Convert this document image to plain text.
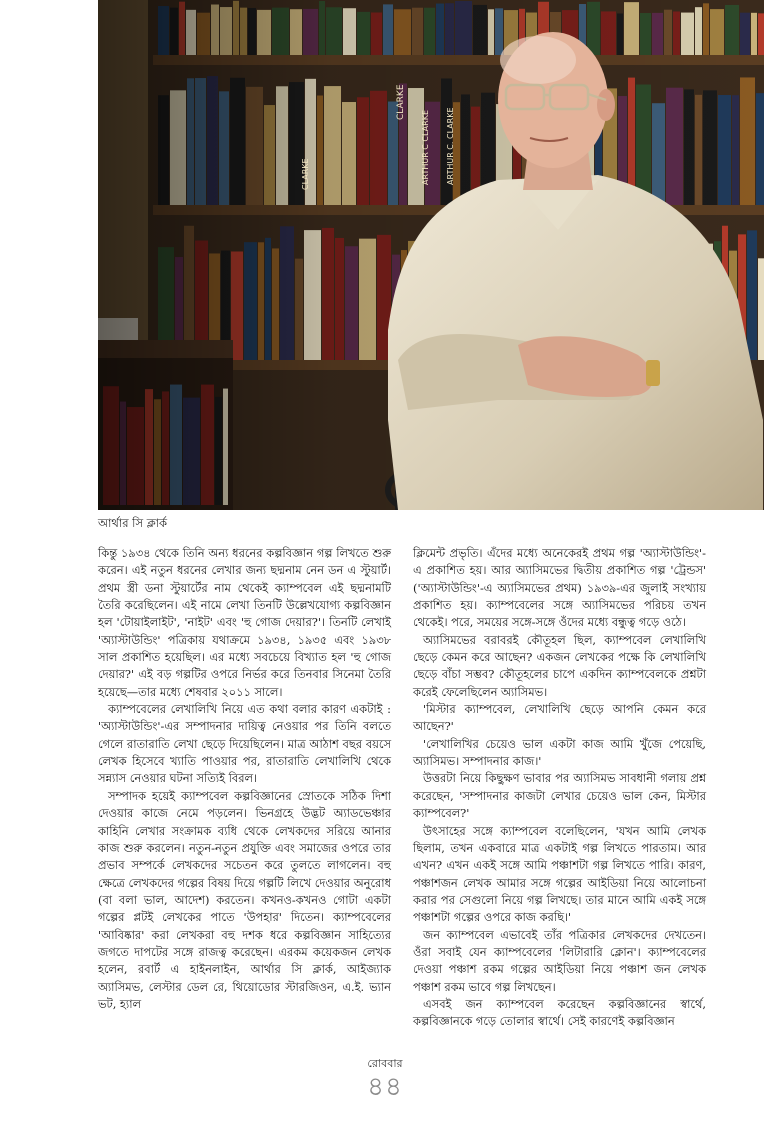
CLARKE
ARTHUR C CLARKE
CLARKE	ARTHUR C. CLARKE
আর্থার সি ক্লার্ক

কিন্তু ১৯৩৪ থেকে তিনি অন্য ধরনের কল্পবিজ্ঞান গল্প লিখতে শুরু করেন। এই নতুন ধরনের লেখার জন্য ছদ্মনাম নেন ডন এ স্টুয়ার্ট। প্রথম স্ত্রী ডনা স্টুয়ার্টের নাম থেকেই ক্যাম্পবেল এই ছদ্মনামটি তৈরি করেছিলেন। এই নামে লেখা তিনটি উল্লেখযোগ্য কল্পবিজ্ঞান হল 'টোয়াইলাইট', 'নাইট' এবং 'হু গোজ দেয়ার?'। তিনটি লেখাই 'অ্যাস্টাউন্ডিং' পত্রিকায় যথাক্রমে ১৯৩৪, ১৯৩৫ এবং ১৯৩৮ সাল প্রকাশিত হয়েছিল। এর মধ্যে সবচেয়ে বিখ্যাত হল 'হু গোজ দেয়ার?' এই বড় গল্পটির ওপরে নির্ভর করে তিনবার সিনেমা তৈরি হয়েছে—তার মধ্যে শেষবার ২০১১ সালে।

ক্যাম্পবেলের লেখালিখি নিয়ে এত কথা বলার কারণ একটাই : 'অ্যাস্টাউন্ডিং'-এর সম্পাদনার দায়িত্ব নেওয়ার পর তিনি বলতে গেলে রাতারাতি লেখা ছেড়ে দিয়েছিলেন। মাত্র আঠাশ বছর বয়সে লেখক হিসেবে খ্যাতি পাওয়ার পর, রাতারাতি লেখালিখি থেকে সন্ন্যাস নেওয়ার ঘটনা সত্যিই বিরল।

সম্পাদক হয়েই ক্যাম্পবেল কল্পবিজ্ঞানের স্রোতকে সঠিক দিশা দেওয়ার কাজে নেমে পড়লেন। ভিনগ্রহে উদ্ভট অ্যাডভেঞ্চার কাহিনি লেখার সংক্রামক ব্যধি থেকে লেখকদের সরিয়ে আনার কাজ শুরু করলেন। নতুন-নতুন প্রযুক্তি এবং সমাজের ওপরে তার প্রভাব সম্পর্কে লেখকদের সচেতন করে তুলতে লাগলেন। বহু ক্ষেত্রে লেখকদের গল্পের বিষয় দিয়ে গল্পটি লিখে দেওয়ার অনুরোধ (বা বলা ভাল, আদেশ) করতেন। কখনও-কখনও গোটা একটা গল্পের প্লটই লেখকের পাতে 'উপহার' দিতেন। ক্যাম্পবেলের 'আবিষ্কার' করা লেখকরা বহু দশক ধরে কল্পবিজ্ঞান সাহিত্যের জগতে দাপটের সঙ্গে রাজত্ব করেছেন। এরকম কয়েকজন লেখক হলেন, রবার্ট এ হাইনলাইন, আর্থার সি ক্লার্ক, আইজ্যাক অ্যাসিমভ, লেস্টার ডেল রে, থিয়োডোর স্টারজিওন, এ.ই. ভ্যান ভট, হ্যাল

ক্লিমেন্ট প্রভৃতি। এঁদের মধ্যে অনেকেরই প্রথম গল্প 'অ্যাস্টাউন্ডিং'-এ প্রকাশিত হয়। আর অ্যাসিমভের দ্বিতীয় প্রকাশিত গল্প 'ট্রেন্ডস' ('অ্যাস্টাউন্ডিং'-এ অ্যাসিমভের প্রথম) ১৯৩৯-এর জুলাই সংখ্যায় প্রকাশিত হয়। ক্যাম্পবেলের সঙ্গে অ্যাসিমভের পরিচয় তখন থেকেই। পরে, সময়ের সঙ্গে-সঙ্গে ওঁদের মধ্যে বন্ধুত্ব গড়ে ওঠে।

অ্যাসিমভের বরাবরই কৌতূহল ছিল, ক্যাম্পবেল লেখালিখি ছেড়ে কেমন করে আছেন? একজন লেখকের পক্ষে কি লেখালিখি ছেড়ে বাঁচা সম্ভব? কৌতূহলের চাপে একদিন ক্যাম্পবেলকে প্রশ্নটা করেই ফেলেছিলেন অ্যাসিমভ।

'মিস্টার ক্যাম্পবেল, লেখালিখি ছেড়ে আপনি কেমন করে আছেন?'

'লেখালিখির চেয়েও ভাল একটা কাজ আমি খুঁজে পেয়েছি, অ্যাসিমভ। সম্পাদনার কাজ।'

উত্তরটা নিয়ে কিছুক্ষণ ভাবার পর অ্যাসিমভ সাবধানী গলায় প্রশ্ন করেছেন, 'সম্পাদনার কাজটা লেখার চেয়েও ভাল কেন, মিস্টার ক্যাম্পবেল?'

উৎসাহের সঙ্গে ক্যাম্পবেল বলেছিলেন, 'যখন আমি লেখক ছিলাম, তখন একবারে মাত্র একটাই গল্প লিখতে পারতাম। আর এখন? এখন একই সঙ্গে আমি পঞ্চাশটা গল্প লিখতে পারি। কারণ, পঞ্চাশজন লেখক আমার সঙ্গে গল্পের আইডিয়া নিয়ে আলোচনা করার পর সেগুলো নিয়ে গল্প লিখছে। তার মানে আমি একই সঙ্গে পঞ্চাশটা গল্পের ওপরে কাজ করছি।'

জন ক্যাম্পবেল এভাবেই তাঁর পত্রিকার লেখকদের দেখতেন। ওঁরা সবাই যেন ক্যাম্পবেলের 'লিটারারি ক্লোন'। ক্যাম্পবেলের দেওয়া পঞ্চাশ রকম গল্পের আইডিয়া নিয়ে পঞ্চাশ জন লেখক পঞ্চাশ রকম ভাবে গল্প লিখছেন।

এসবই জন ক্যাম্পবেল করেছেন কল্পবিজ্ঞানের স্বার্থে, কল্পবিজ্ঞানকে গড়ে তোলার স্বার্থে। সেই কারণেই কল্পবিজ্ঞান

রোববার
৪৪
